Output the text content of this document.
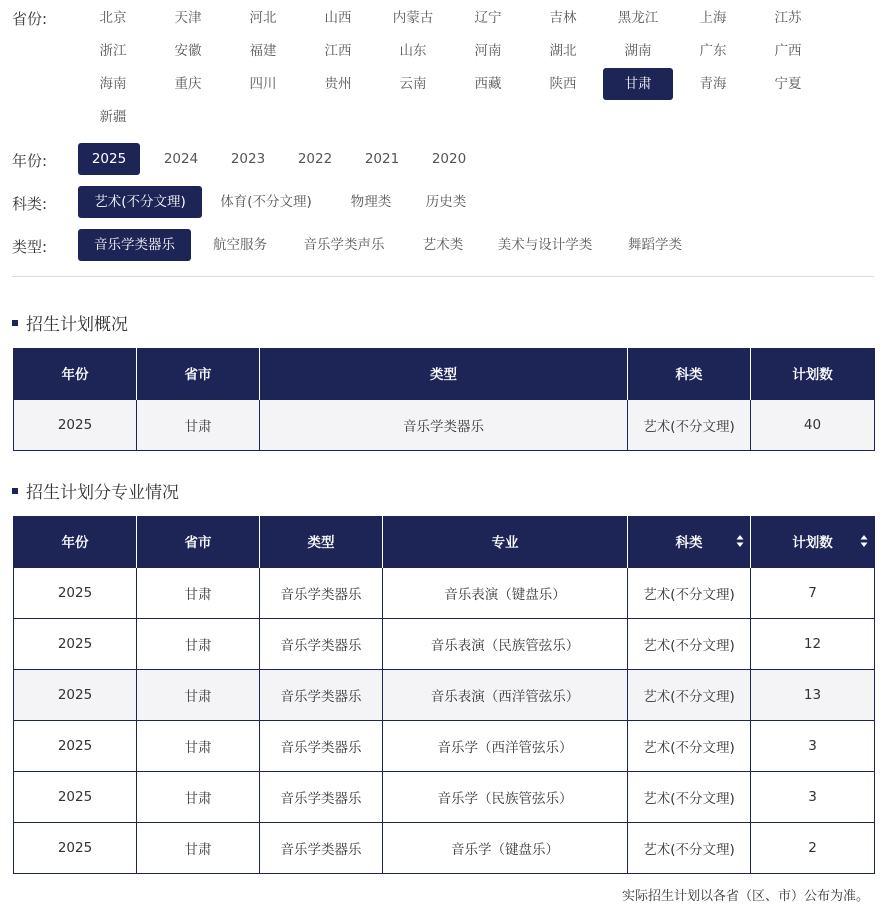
省份:	北京	天津	河北	山西	内蒙古	辽宁	吉林	黑龙江	上海	江苏
浙江	安徽	福建	江西	山东	河南	湖北	湖南	广东	广西
海南	重庆	四川	贵州	云南	西藏	陕西	甘肃	青海	宁夏
新疆
年份:	2025	2024	2023	2022	2021	2020
科类:	艺术(不分文理)	体育(不分文理)	物理类	历史类
类型:	音乐学类器乐	航空服务	音乐学类声乐	艺术类	美术与设计学类	舞蹈学类
招生计划概况
年份	省市	类型	科类	计划数
2025	甘肃	音乐学类器乐	艺术(不分文理)	40
招生计划分专业情况
年份	省市	类型	专业	科类	计划数

2025	甘肃	音乐学类器乐	音乐表演（键盘乐）	艺术(不分文理)	7
2025	甘肃	音乐学类器乐	音乐表演（民族管弦乐）	艺术(不分文理)	12
2025	甘肃	音乐学类器乐	音乐表演（西洋管弦乐）	艺术(不分文理)	13
2025	甘肃	音乐学类器乐	音乐学（西洋管弦乐）	艺术(不分文理)	3
2025	甘肃	音乐学类器乐	音乐学（民族管弦乐）	艺术(不分文理)	3
2025	甘肃	音乐学类器乐	音乐学（键盘乐）	艺术(不分文理)	2
实际招生计划以各省（区、市）公布为准。
